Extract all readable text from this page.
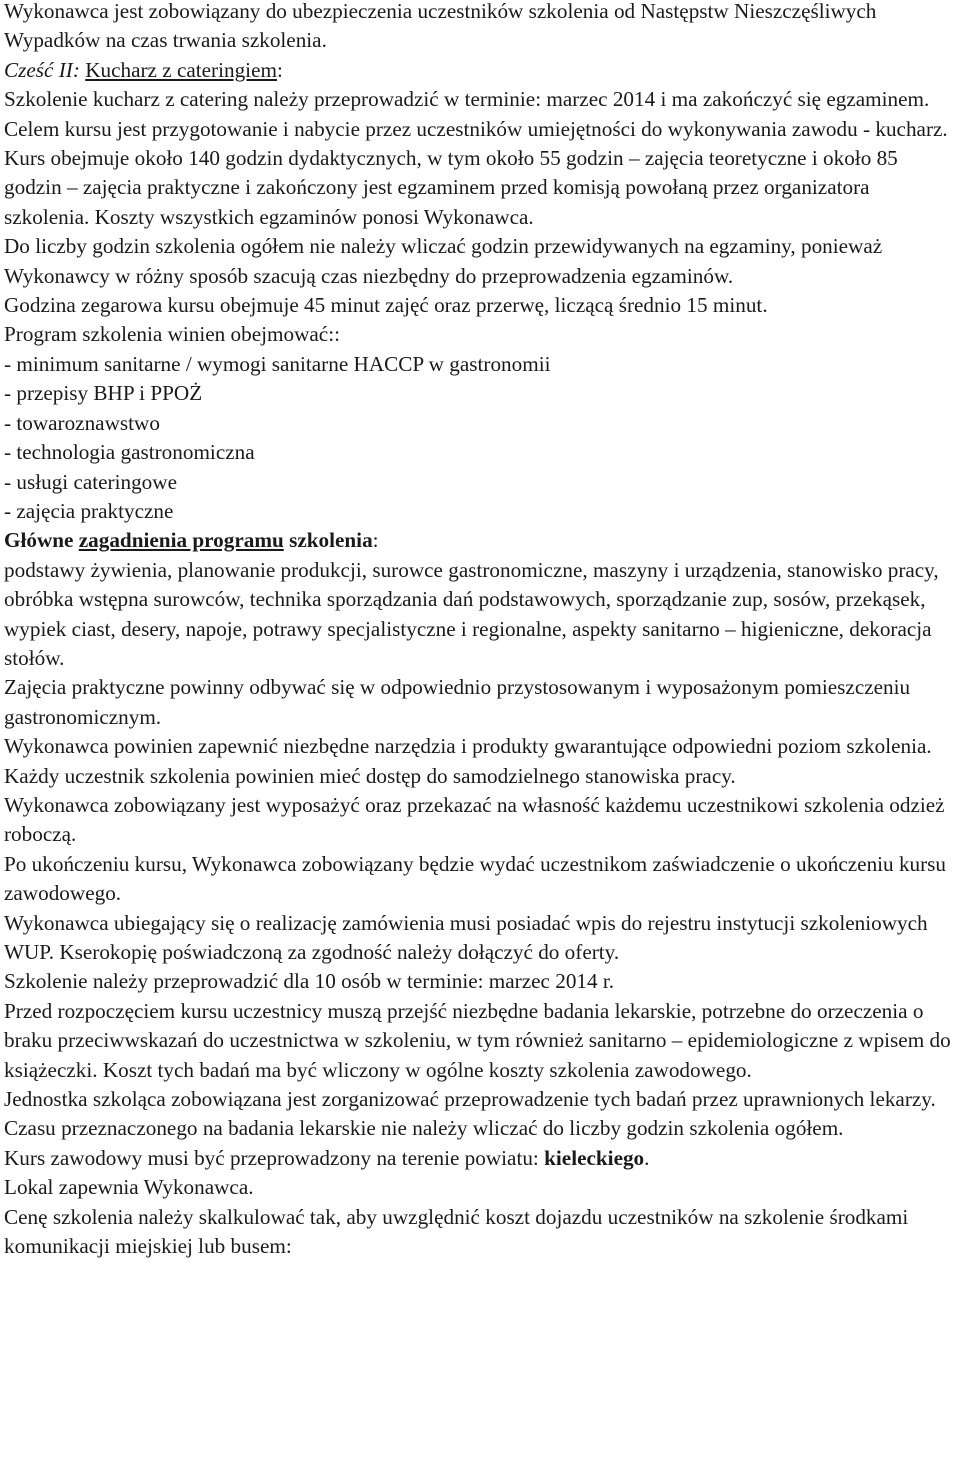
Wykonawca jest zobowiązany do ubezpieczenia uczestników szkolenia od Następstw Nieszczęśliwych Wypadków na czas trwania szkolenia.

Cześć II: Kucharz z cateringiem:

Szkolenie kucharz z catering należy przeprowadzić w terminie: marzec 2014 i ma zakończyć się egzaminem.

Celem kursu jest przygotowanie i nabycie przez uczestników umiejętności do wykonywania zawodu - kucharz.

Kurs obejmuje około 140 godzin dydaktycznych, w tym około 55 godzin – zajęcia teoretyczne i około 85 godzin – zajęcia praktyczne i zakończony jest egzaminem przed komisją powołaną przez organizatora szkolenia. Koszty wszystkich egzaminów ponosi Wykonawca.

Do liczby godzin szkolenia ogółem nie należy wliczać godzin przewidywanych na egzaminy, ponieważ Wykonawcy w różny sposób szacują czas niezbędny do przeprowadzenia egzaminów.

Godzina zegarowa kursu obejmuje 45 minut zajęć oraz przerwę, liczącą średnio 15 minut.

Program szkolenia winien obejmować::

- minimum sanitarne / wymogi sanitarne HACCP w gastronomii

- przepisy BHP i PPOŻ

- towaroznawstwo

- technologia gastronomiczna

- usługi cateringowe

- zajęcia praktyczne

Główne zagadnienia programu szkolenia:

podstawy żywienia, planowanie produkcji, surowce gastronomiczne, maszyny i urządzenia, stanowisko pracy, obróbka wstępna surowców, technika sporządzania dań podstawowych, sporządzanie zup, sosów, przekąsek, wypiek ciast, desery, napoje, potrawy specjalistyczne i regionalne, aspekty sanitarno – higieniczne, dekoracja stołów.

Zajęcia praktyczne powinny odbywać się w odpowiednio przystosowanym i wyposażonym pomieszczeniu gastronomicznym.

Wykonawca powinien zapewnić niezbędne narzędzia i produkty gwarantujące odpowiedni poziom szkolenia. Każdy uczestnik szkolenia powinien mieć dostęp do samodzielnego stanowiska pracy.

Wykonawca zobowiązany jest wyposażyć oraz przekazać na własność każdemu uczestnikowi szkolenia odzież roboczą.

Po ukończeniu kursu, Wykonawca zobowiązany będzie wydać uczestnikom zaświadczenie o ukończeniu kursu zawodowego.

Wykonawca ubiegający się o realizację zamówienia musi posiadać wpis do rejestru instytucji szkoleniowych WUP. Kserokopię poświadczoną za zgodność należy dołączyć do oferty.

Szkolenie należy przeprowadzić dla 10 osób w terminie: marzec 2014 r.

Przed rozpoczęciem kursu uczestnicy muszą przejść niezbędne badania lekarskie, potrzebne do orzeczenia o braku przeciwwskazań do uczestnictwa w szkoleniu, w tym również sanitarno – epidemiologiczne z wpisem do książeczki. Koszt tych badań ma być wliczony w ogólne koszty szkolenia zawodowego.

Jednostka szkoląca zobowiązana jest zorganizować przeprowadzenie tych badań przez uprawnionych lekarzy. Czasu przeznaczonego na badania lekarskie nie należy wliczać do liczby godzin szkolenia ogółem.

Kurs zawodowy musi być przeprowadzony na terenie powiatu: kieleckiego.

Lokal zapewnia Wykonawca.

Cenę szkolenia należy skalkulować tak, aby uwzględnić koszt dojazdu uczestników na szkolenie środkami komunikacji miejskiej lub busem:
